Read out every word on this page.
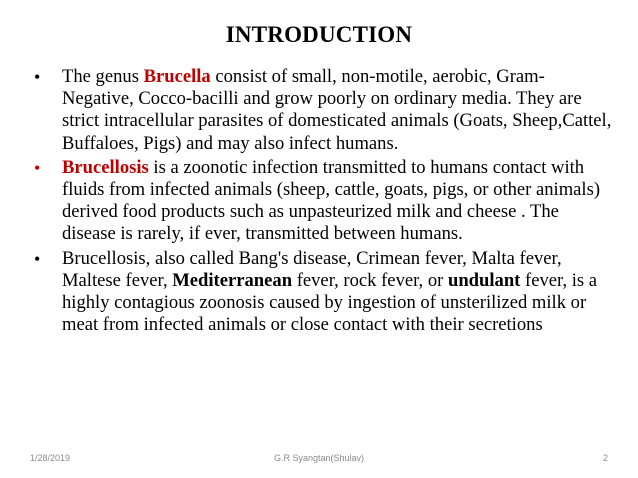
INTRODUCTION
• The genus Brucella consist of small, non-motile, aerobic, Gram-Negative, Cocco-bacilli and grow poorly on ordinary media. They are strict intracellular parasites of domesticated animals (Goats, Sheep,Cattel, Buffaloes, Pigs) and may also infect humans.
• Brucellosis is a zoonotic infection transmitted to humans contact with fluids from infected animals (sheep, cattle, goats, pigs, or other animals) derived food products such as unpasteurized milk and cheese . The disease is rarely, if ever, transmitted between humans.
• Brucellosis, also called Bang's disease, Crimean fever, Malta fever, Maltese fever, Mediterranean fever, rock fever, or undulant fever, is a highly contagious zoonosis caused by ingestion of unsterilized milk or meat from infected animals or close contact with their secretions
G.R Syangtan(Shulav)
1/28/2019	2
